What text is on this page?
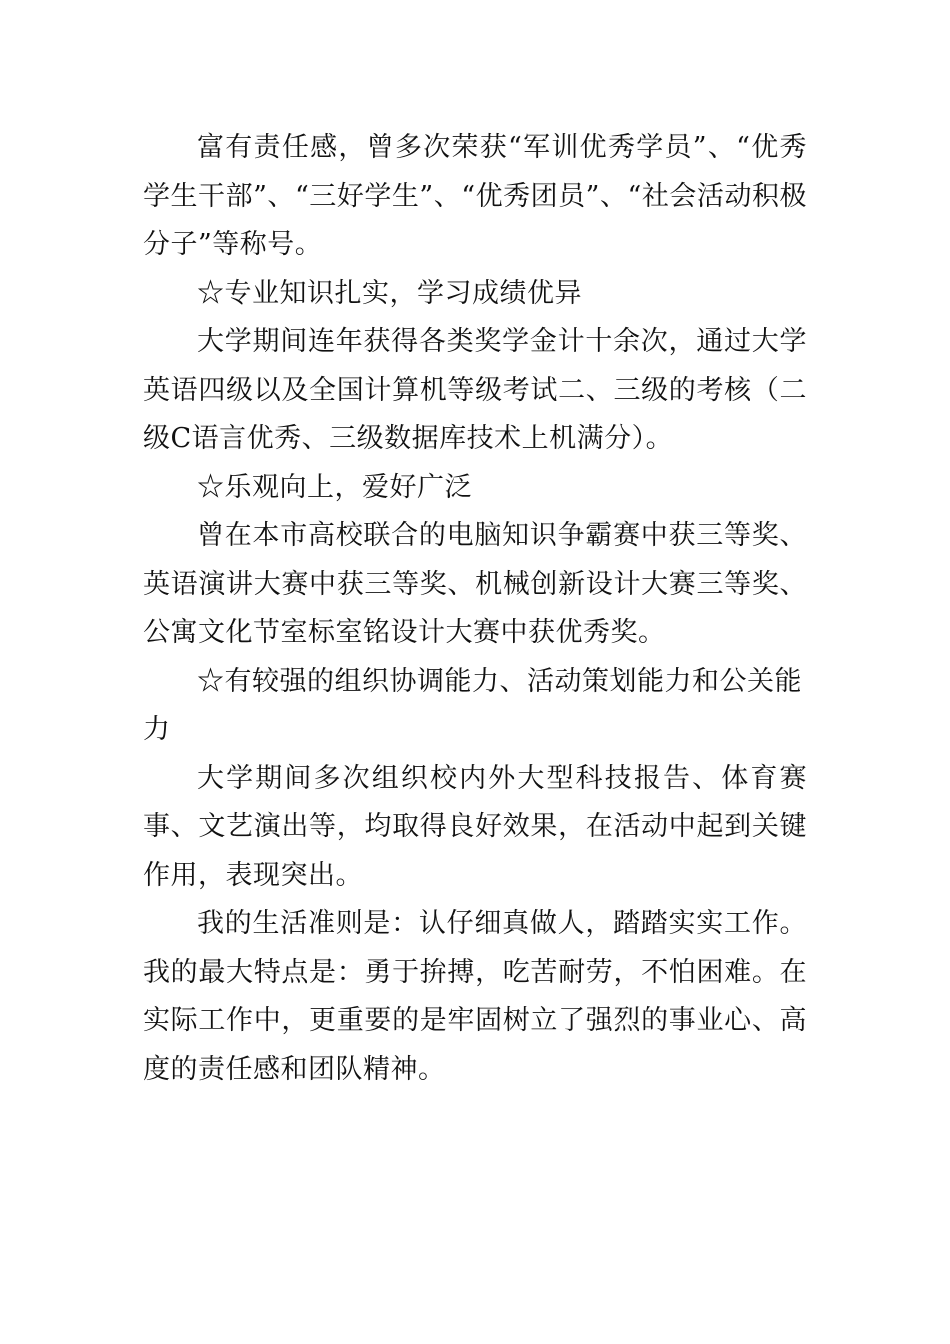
富有责任感，曾多次荣获“军训优秀学员”、“优秀学生干部”、“三好学生”、“优秀团员”、“社会活动积极分子”等称号。

☆专业知识扎实，学习成绩优异

大学期间连年获得各类奖学金计十余次，通过大学英语四级以及全国计算机等级考试二、三级的考核（二级C语言优秀、三级数据库技术上机满分）。

☆乐观向上，爱好广泛

曾在本市高校联合的电脑知识争霸赛中获三等奖、英语演讲大赛中获三等奖、机械创新设计大赛三等奖、公寓文化节室标室铭设计大赛中获优秀奖。

☆有较强的组织协调能力、活动策划能力和公关能力

大学期间多次组织校内外大型科技报告、体育赛事、文艺演出等，均取得良好效果，在活动中起到关键作用，表现突出。

我的生活准则是：认仔细真做人，踏踏实实工作。我的最大特点是：勇于拚搏，吃苦耐劳，不怕困难。在实际工作中，更重要的是牢固树立了强烈的事业心、高度的责任感和团队精神。
